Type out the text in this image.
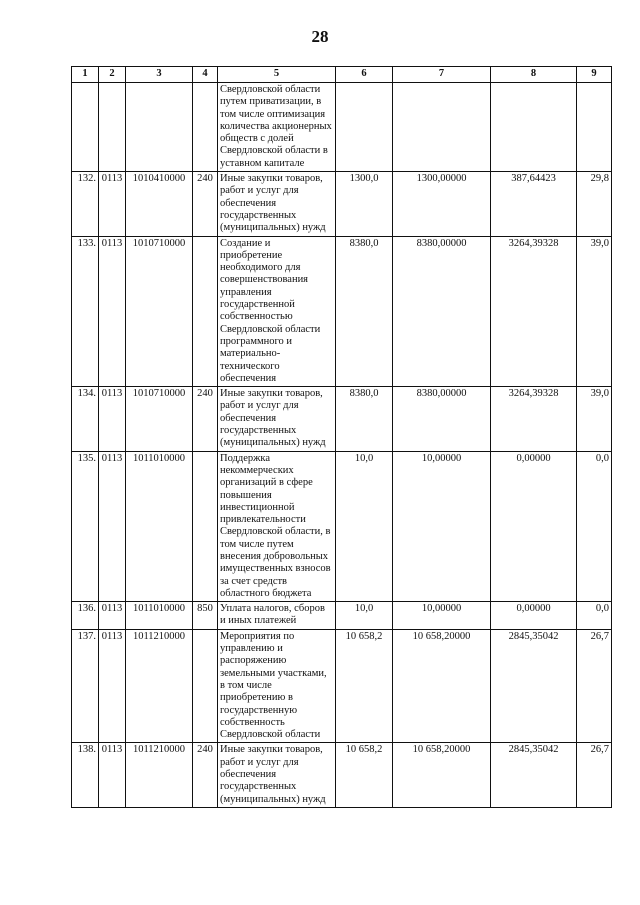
28
1	2	3	4	5	6	7	8	9
				Свердловской области путем приватизации, в том числе оптимизация количества акционерных обществ с долей Свердловской области в уставном капитале				
132.	0113	1010410000	240	Иные закупки товаров, работ и услуг для обеспечения государственных (муниципальных) нужд	1300,0	1300,00000	387,64423	29,8
133.	0113	1010710000		Создание и приобретение необходимого для совершенствования управления государственной собственностью Свердловской области программного и материально-технического обеспечения	8380,0	8380,00000	3264,39328	39,0
134.	0113	1010710000	240	Иные закупки товаров, работ и услуг для обеспечения государственных (муниципальных) нужд	8380,0	8380,00000	3264,39328	39,0
135.	0113	1011010000		Поддержка некоммерческих организаций в сфере повышения инвестиционной привлекательности Свердловской области, в том числе путем внесения добровольных имущественных взносов за счет средств областного бюджета	10,0	10,00000	0,00000	0,0
136.	0113	1011010000	850	Уплата налогов, сборов и иных платежей	10,0	10,00000	0,00000	0,0
137.	0113	1011210000		Мероприятия по управлению и распоряжению земельными участками, в том числе приобретению в государственную собственность Свердловской области	10 658,2	10 658,20000	2845,35042	26,7
138.	0113	1011210000	240	Иные закупки товаров, работ и услуг для обеспечения государственных (муниципальных) нужд	10 658,2	10 658,20000	2845,35042	26,7
